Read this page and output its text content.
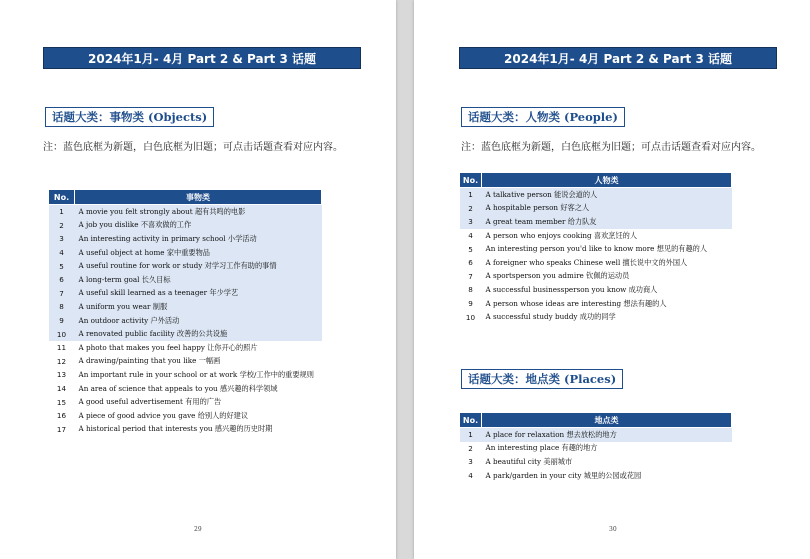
2024年1月- 4月 Part 2 & Part 3 话题
话题大类：事物类 (Objects)
注：蓝色底框为新题，白色底框为旧题；可点击话题查看对应内容。
No.	事物类
1	A movie you felt strongly about 超有共鸣的电影
2	A job you dislike 不喜欢做的工作
3	An interesting activity in primary school 小学活动
4	A useful object at home 家中重要物品
5	A useful routine for work or study 对学习工作有助的事情
6	A long-term goal 长久目标
7	A useful skill learned as a teenager 年少学艺
8	A uniform you wear 制服
9	An outdoor activity 户外活动
10	A renovated public facility 改善的公共设施
11	A photo that makes you feel happy 让你开心的照片
12	A drawing/painting that you like 一幅画
13	An important rule in your school or at work 学校/工作中的重要规则
14	An area of science that appeals to you 感兴趣的科学领域
15	A good useful advertisement 有用的广告
16	A piece of good advice you gave 给别人的好建议
17	A historical period that interests you 感兴趣的历史时期
29
2024年1月- 4月 Part 2 & Part 3 话题
话题大类：人物类 (People)
注：蓝色底框为新题，白色底框为旧题；可点击话题查看对应内容。
No.	人物类
1	A talkative person 能说会道的人
2	A hospitable person 好客之人
3	A great team member 给力队友
4	A person who enjoys cooking 喜欢烹饪的人
5	An interesting person you'd like to know more 想见的有趣的人
6	A foreigner who speaks Chinese well 擅长说中文的外国人
7	A sportsperson you admire 钦佩的运动员
8	A successful businessperson you know 成功商人
9	A person whose ideas are interesting 想法有趣的人
10	A successful study buddy 成功的同学
话题大类：地点类 (Places)
No.	地点类
1	A place for relaxation 想去放松的地方
2	An interesting place 有趣的地方
3	A beautiful city 美丽城市
4	A park/garden in your city 城里的公园或花园
30
